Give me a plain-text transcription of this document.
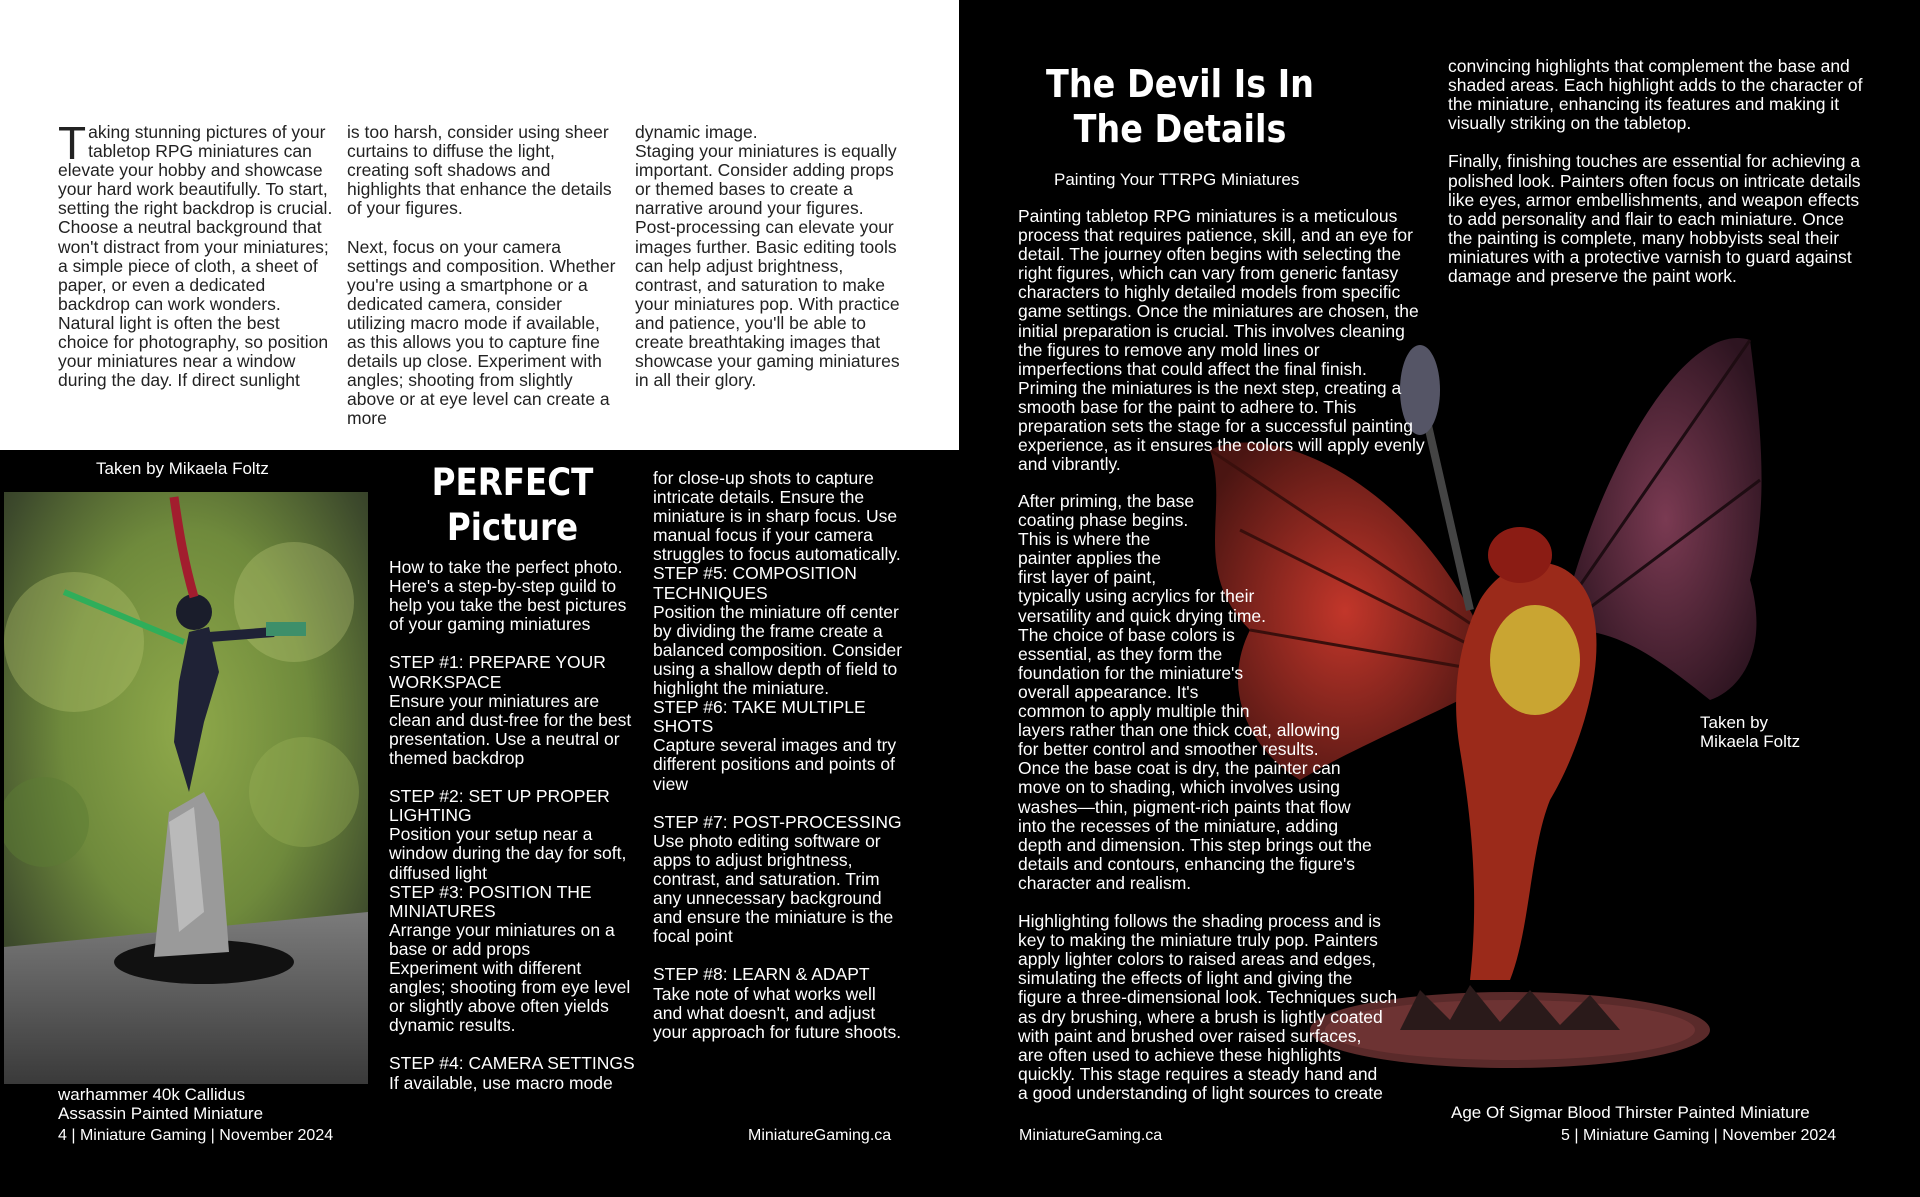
Miniature Photography
Taking stunning pictures of your tabletop RPG miniatures can elevate your hobby and showcase your hard work beautifully. To start, setting the right backdrop is crucial. Choose a neutral background that won't distract from your miniatures; a simple piece of cloth, a sheet of paper, or even a dedicated backdrop can work wonders. Natural light is often the best choice for photography, so position your miniatures near a window during the day. If direct sunlight
is too harsh, consider using sheer curtains to diffuse the light, creating soft shadows and highlights that enhance the details of your figures.

Next, focus on your camera settings and composition. Whether you're using a smartphone or a dedicated camera, consider utilizing macro mode if available, as this allows you to capture fine details up close. Experiment with angles; shooting from slightly above or at eye level can create a more
dynamic image.
Staging your miniatures is equally important. Consider adding props or themed bases to create a narrative around your figures.
Post-processing can elevate your images further. Basic editing tools can help adjust brightness, contrast, and saturation to make your miniatures pop. With practice and patience, you'll be able to create breathtaking images that showcase your gaming miniatures in all their glory.
Taken by Mikaela Foltz
warhammer 40k Callidus
Assassin Painted Miniature
PERFECT
Picture
How to take the perfect photo. Here's a step-by-step guild to help you take the best pictures of your gaming miniatures

STEP #1: PREPARE YOUR WORKSPACE
Ensure your miniatures are clean and dust-free for the best presentation. Use a neutral or themed backdrop

STEP #2: SET UP PROPER LIGHTING
Position your setup near a window during the day for soft, diffused light
STEP #3: POSITION THE MINIATURES
Arrange your miniatures on a base or add props
Experiment with different angles; shooting from eye level or slightly above often yields dynamic results.

STEP #4: CAMERA SETTINGS
If available, use macro mode
for close-up shots to capture intricate details. Ensure the miniature is in sharp focus. Use manual focus if your camera struggles to focus automatically.
STEP #5: COMPOSITION TECHNIQUES
Position the miniature off center by dividing the frame create a balanced composition. Consider using a shallow depth of field to highlight the miniature.
STEP #6: TAKE MULTIPLE SHOTS
Capture several images and try different positions and points of view

STEP #7: POST-PROCESSING
Use photo editing software or apps to adjust brightness, contrast, and saturation. Trim any unnecessary background and ensure the miniature is the focal point

STEP #8: LEARN & ADAPT
Take note of what works well and what doesn't, and adjust your approach for future shoots.
4 | Miniature Gaming | November 2024	MiniatureGaming.ca
The Devil Is In
The Details
Painting Your TTRPG Miniatures
Painting tabletop RPG miniatures is a meticulous process that requires patience, skill, and an eye for detail. The journey often begins with selecting the right figures, which can vary from generic fantasy characters to highly detailed models from specific game settings. Once the miniatures are chosen, the initial preparation is crucial. This involves cleaning the figures to remove any mold lines or imperfections that could affect the final finish. Priming the miniatures is the next step, creating a smooth base for the paint to adhere to. This preparation sets the stage for a successful painting experience, as it ensures the colors will apply evenly and vibrantly.
After priming, the base
coating phase begins.
This is where the
painter applies the
first layer of paint,
typically using acrylics for their
versatility and quick drying time.
The choice of base colors is
essential, as they form the
foundation for the miniature's
overall appearance. It's
common to apply multiple thin
layers rather than one thick coat, allowing
for better control and smoother results.
Once the base coat is dry, the painter can
move on to shading, which involves using
washes—thin, pigment-rich paints that flow
into the recesses of the miniature, adding
depth and dimension. This step brings out the
details and contours, enhancing the figure's
character and realism.

Highlighting follows the shading process and is
key to making the miniature truly pop. Painters
apply lighter colors to raised areas and edges,
simulating the effects of light and giving the
figure a three-dimensional look. Techniques such
as dry brushing, where a brush is lightly coated
with paint and brushed over raised surfaces,
are often used to achieve these highlights
quickly. This stage requires a steady hand and
a good understanding of light sources to create
convincing highlights that complement the base and shaded areas. Each highlight adds to the character of the miniature, enhancing its features and making it visually striking on the tabletop.

Finally, finishing touches are essential for achieving a polished look. Painters often focus on intricate details like eyes, armor embellishments, and weapon effects to add personality and flair to each miniature. Once the painting is complete, many hobbyists seal their miniatures with a protective varnish to guard against damage and preserve the paint work.
Taken by
Mikaela Foltz
Age Of Sigmar Blood Thirster Painted Miniature
MiniatureGaming.ca	5 | Miniature Gaming | November 2024
